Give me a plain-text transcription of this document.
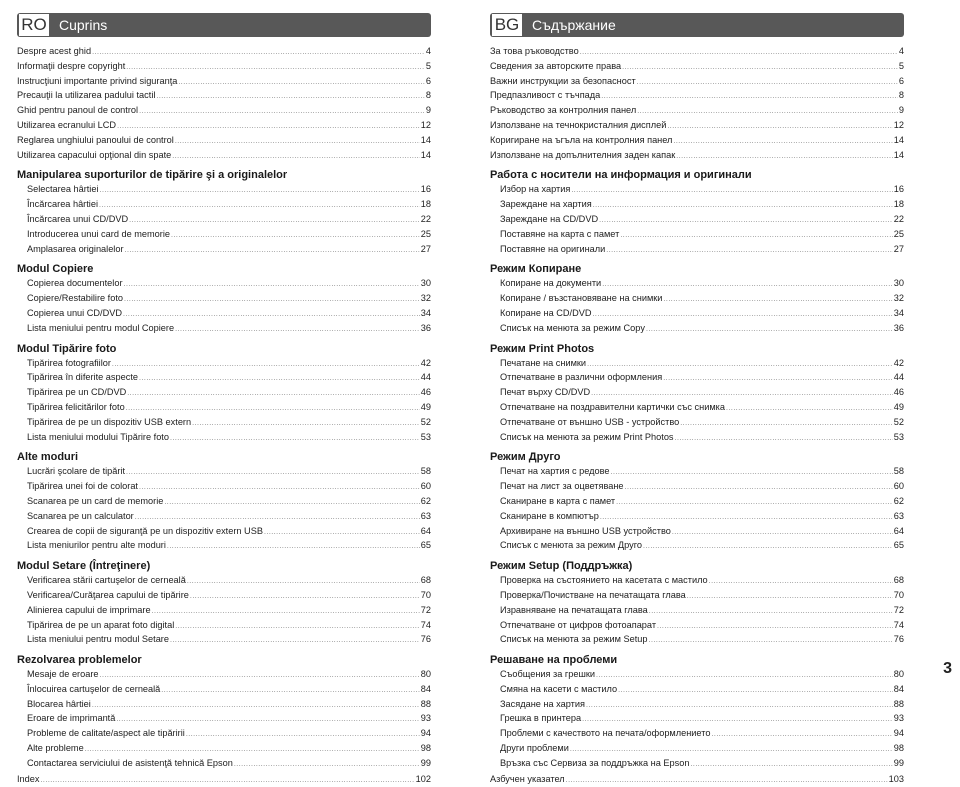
RO Cuprins
Despre acest ghid .....	4
Informaţii despre copyright .....	5
Instrucţiuni importante privind siguranţa .....	6
Precauţii la utilizarea padului tactil .....	8
Ghid pentru panoul de control .....	9
Utilizarea ecranului LCD .....	12
Reglarea unghiului panoului de control .....	14
Utilizarea capacului opţional din spate .....	14
Manipularea suporturilor de tipărire şi a originalelor
Selectarea hârtiei .....	16
Încărcarea hârtiei .....	18
Încărcarea unui CD/DVD .....	22
Introducerea unui card de memorie .....	25
Amplasarea originalelor .....	27
Modul Copiere
Copierea documentelor .....	30
Copiere/Restabilire foto .....	32
Copierea unui CD/DVD .....	34
Lista meniului pentru modul Copiere .....	36
Modul Tipărire foto
Tipărirea fotografiilor .....	42
Tipărirea în diferite aspecte .....	44
Tipărirea pe un CD/DVD .....	46
Tipărirea felicitărilor foto .....	49
Tipărirea de pe un dispozitiv USB extern .....	52
Lista meniului modului Tipărire foto .....	53
Alte moduri
Lucrări şcolare de tipărit .....	58
Tipărirea unei foi de colorat .....	60
Scanarea pe un card de memorie .....	62
Scanarea pe un calculator .....	63
Crearea de copii de siguranţă pe un dispozitiv extern USB .....	64
Lista meniurilor pentru alte moduri .....	65
Modul Setare (Întreţinere)
Verificarea stării cartuşelor de cerneală .....	68
Verificarea/Curăţarea capului de tipărire .....	70
Alinierea capului de imprimare .....	72
Tipărirea de pe un aparat foto digital .....	74
Lista meniului pentru modul Setare .....	76
Rezolvarea problemelor
Mesaje de eroare .....	80
Înlocuirea cartuşelor de cerneală .....	84
Blocarea hârtiei .....	88
Eroare de imprimantă .....	93
Probleme de calitate/aspect ale tipăririi .....	94
Alte probleme .....	98
Contactarea serviciului de asistenţă tehnică Epson .....	99
Index .....	102
BG Съдържание
За това ръководство .....	4
Сведения за авторските права .....	5
Важни инструкции за безопасност .....	6
Предпазливост с тъчпада .....	8
Ръководство за контролния панел .....	9
Използване на течнокристалния дисплей .....	12
Коригиране на ъгъла на контролния панел .....	14
Използване на допълнителния заден капак .....	14
Работа с носители на информация и оригинали
Избор на хартия .....	16
Зареждане на хартия .....	18
Зареждане на CD/DVD .....	22
Поставяне на карта с памет .....	25
Поставяне на оригинали .....	27
Режим Копиране
Копиране на документи .....	30
Копиране / възстановяване на снимки .....	32
Копиране на CD/DVD .....	34
Списък на менюта за режим Copy .....	36
Режим Print Photos
Печатане на снимки .....	42
Отпечатване в различни оформления .....	44
Печат върху CD/DVD .....	46
Отпечатване на поздравителни картички със снимка .....	49
Отпечатване от външно USB - устройство .....	52
Списък на менюта за режим Print Photos .....	53
Режим Друго
Печат на хартия с редове .....	58
Печат на лист за оцветяване .....	60
Сканиране в карта с памет .....	62
Сканиране в компютър .....	63
Архивиране на външно USB устройство .....	64
Списък с менюта за режим Друго .....	65
Режим Setup (Поддръжка)
Проверка на състоянието на касетата с мастило .....	68
Проверка/Почистване на печатащата глава .....	70
Изравняване на печатащата глава .....	72
Отпечатване от цифров фотоапарат .....	74
Списък на менюта за режим Setup .....	76
Решаване на проблеми
Съобщения за грешки .....	80
Смяна на касети с мастило .....	84
Засядане на хартия .....	88
Грешка в принтера .....	93
Проблеми с качеството на печата/оформлението .....	94
Други проблеми .....	98
Връзка със Сервиза за поддръжка на Epson .....	99
Азбучен указател .....	103
3
